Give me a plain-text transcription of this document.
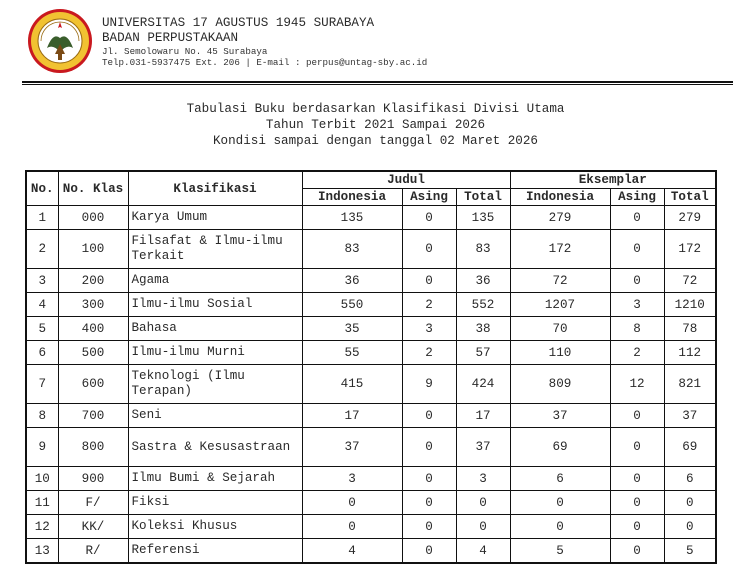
UNIVERSITAS 17 AGUSTUS 1945 SURABAYA
BADAN PERPUSTAKAAN
Jl. Semolowaru No. 45 Surabaya
Telp.031-5937475 Ext. 206 | E-mail : perpus@untag-sby.ac.id
Tabulasi Buku berdasarkan Klasifikasi Divisi Utama
Tahun Terbit 2021 Sampai 2026
Kondisi sampai dengan tanggal 02 Maret 2026
No.	No. Klas	Klasifikasi	Judul			Eksemplar		
			Indonesia	Asing	Total	Indonesia	Asing	Total
1	000	Karya Umum	135	0	135	279	0	279
2	100	Filsafat & Ilmu-ilmu Terkait	83	0	83	172	0	172
3	200	Agama	36	0	36	72	0	72
4	300	Ilmu-ilmu Sosial	550	2	552	1207	3	1210
5	400	Bahasa	35	3	38	70	8	78
6	500	Ilmu-ilmu Murni	55	2	57	110	2	112
7	600	Teknologi (Ilmu Terapan)	415	9	424	809	12	821
8	700	Seni	17	0	17	37	0	37
9	800	Sastra & Kesusastraan	37	0	37	69	0	69
10	900	Ilmu Bumi & Sejarah	3	0	3	6	0	6
11	F/	Fiksi	0	0	0	0	0	0
12	KK/	Koleksi Khusus	0	0	0	0	0	0
13	R/	Referensi	4	0	4	5	0	5
